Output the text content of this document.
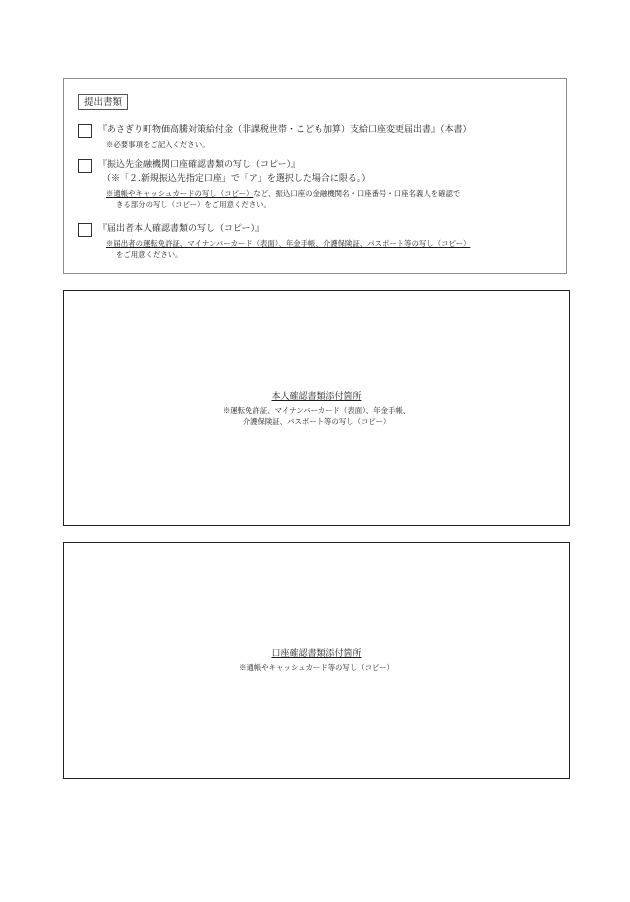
提出書類
『あさぎり町物価高騰対策給付金（非課税世帯・こども加算）支給口座変更届出書』（本書）
※必要事項をご記入ください。
『振込先金融機関口座確認書類の写し（コピー）』
（※「２.新規振込先指定口座」で「ア」を選択した場合に限る。）
※通帳やキャッシュカードの写し（コピー）など、振込口座の金融機関名・口座番号・口座名義人を確認で
きる部分の写し（コピー）をご用意ください。
『届出者本人確認書類の写し（コピー）』
※届出者の運転免許証、マイナンバーカード（表面）、年金手帳、介護保険証、パスポート等の写し（コピー）
をご用意ください。
本人確認書類添付箇所
※運転免許証、マイナンバーカード（表面）、年金手帳、
介護保険証、パスポート等の写し（コピー）
口座確認書類添付箇所
※通帳やキャッシュカード等の写し（コピー）
